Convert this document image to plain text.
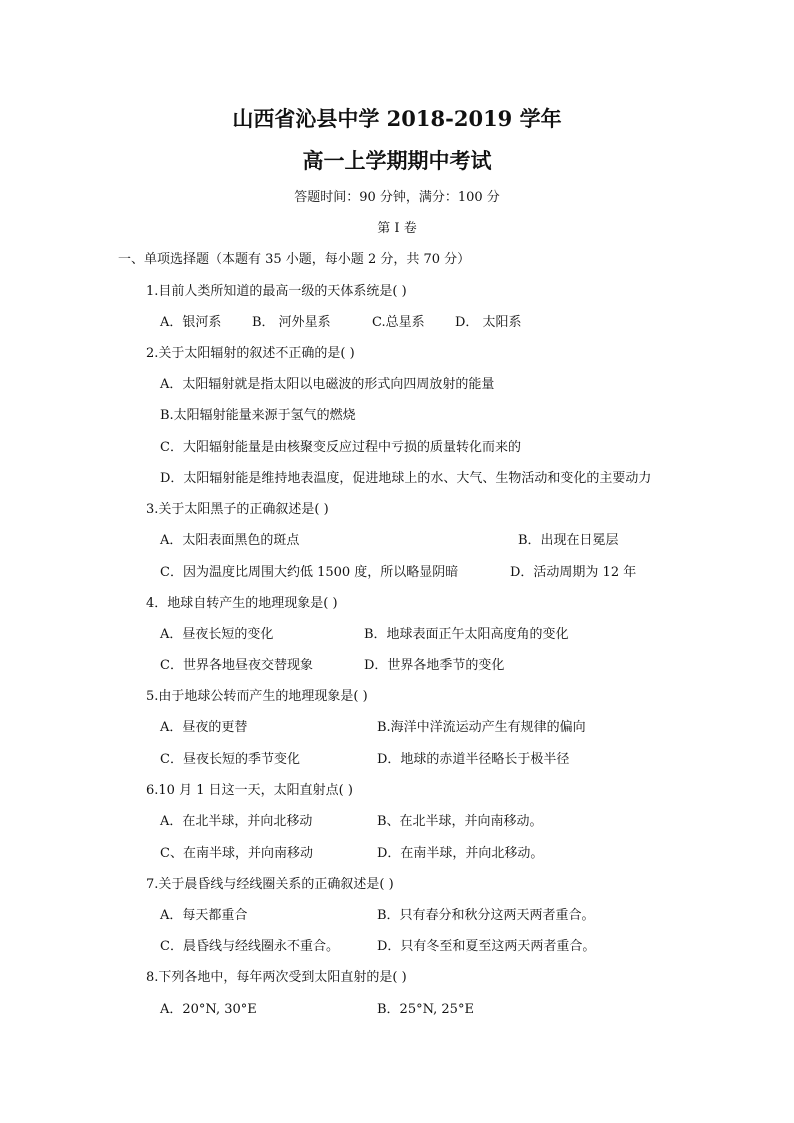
山西省沁县中学 2018-2019 学年
高一上学期期中考试
答题时间：90 分钟，满分：100 分
第 I 卷
一、单项选择题（本题有 35 小题，每小题 2 分，共 70 分）
1.目前人类所知道的最高一级的天体系统是( )
A．银河系 B． 河外星系	C.总星系 D． 太阳系
2.关于太阳辐射的叙述不正确的是( )
A．太阳辐射就是指太阳以电磁波的形式向四周放射的能量
B.太阳辐射能量来源于氢气的燃烧
C．大阳辐射能量是由核聚变反应过程中亏损的质量转化而来的
D．太阳辐射能是维持地表温度，促进地球上的水、大气、生物活动和变化的主要动力
3.关于太阳黑子的正确叙述是( )
A．太阳表面黑色的斑点	B．出现在日冕层
C．因为温度比周围大约低 1500 度，所以略显阴暗	D．活动周期为 12 年
4．地球自转产生的地理现象是( )
A．昼夜长短的变化	B．地球表面正午太阳高度角的变化
C．世界各地昼夜交替现象	D．世界各地季节的变化
5.由于地球公转而产生的地理现象是( )
A．昼夜的更替	B.海洋中洋流运动产生有规律的偏向
C．昼夜长短的季节变化	D．地球的赤道半径略长于极半径
6.10 月 1 日这一天，太阳直射点( )
A．在北半球，并向北移动	B、在北半球，并向南移动。
C、在南半球，并向南移动	D．在南半球，并向北移动。
7.关于晨昏线与经线圈关系的正确叙述是( )
A．每天都重合	B．只有春分和秋分这两天两者重合。
C．晨昏线与经线圈永不重合。	D．只有冬至和夏至这两天两者重合。
8.下列各地中，每年两次受到太阳直射的是( )
A．20°N, 30°E	B．25°N, 25°E
